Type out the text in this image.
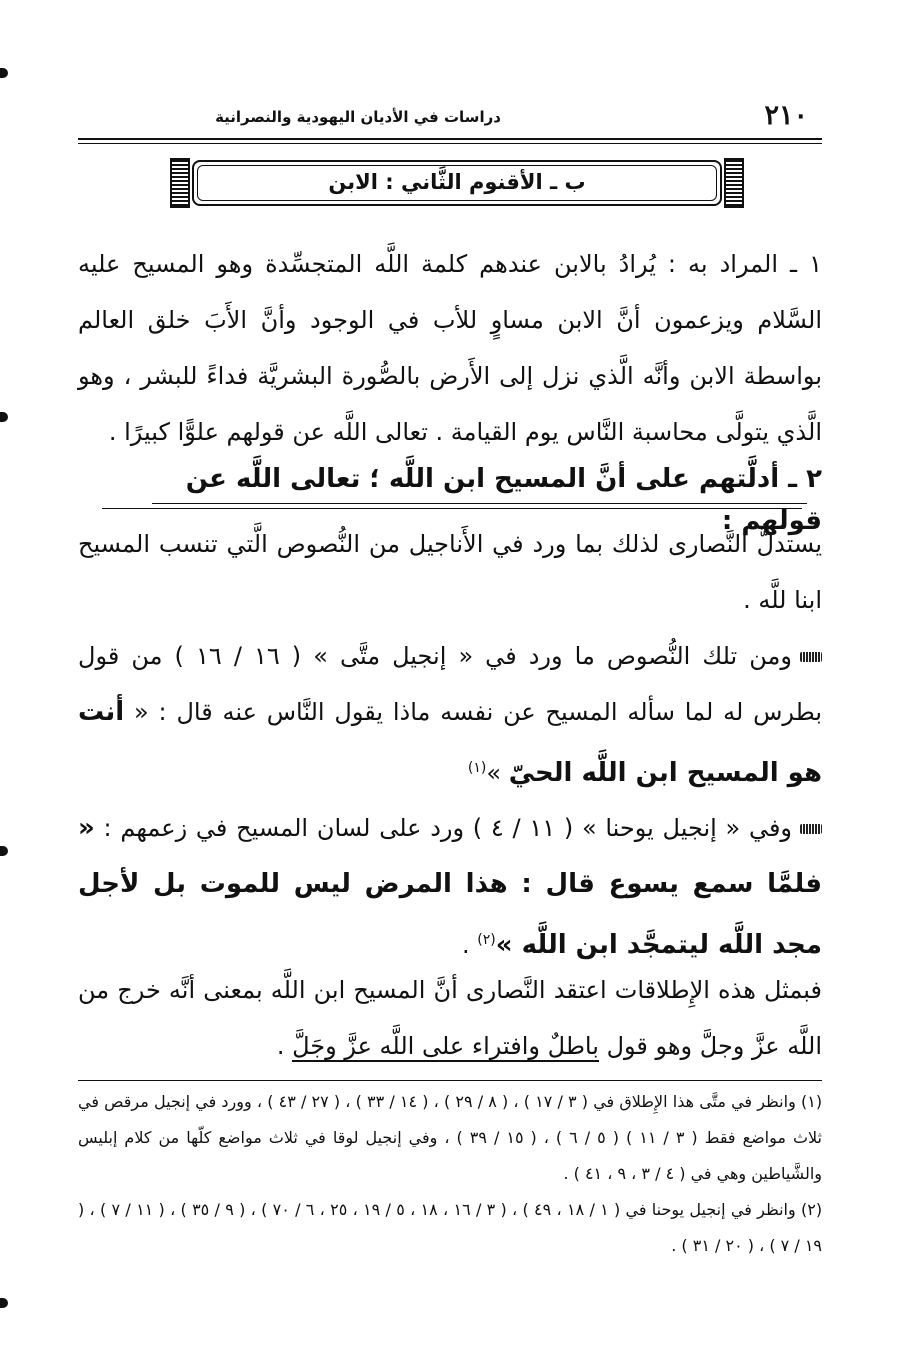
٢١٠
دراسات في الأديان اليهودية والنصرانية
ب ـ الأقنوم الثَّاني : الابن
١ ـ المراد به : يُرادُ بالابن عندهم كلمة اللَّه المتجسِّدة وهو المسيح عليه السَّلام ويزعمون أنَّ الابن مساوٍ للأب في الوجود وأنَّ الأَبَ خلق العالم بواسطة الابن وأنَّه الَّذي نزل إلى الأَرض بالصُّورة البشريَّة فداءً للبشر ، وهو الَّذي يتولَّى محاسبة النَّاس يوم القيامة . تعالى اللَّه عن قولهم علوًّا كبيرًا .
٢ ـ أدلَّتهم على أنَّ المسيح ابن اللَّه ؛ تعالى اللَّه عن قولهم :
يستدلُّ النَّصارى لذلك بما ورد في الأَناجيل من النُّصوص الَّتي تنسب المسيح ابنا للَّه .
ومن تلك النُّصوص ما ورد في « إنجيل متَّى » ( ١٦ / ١٦ ) من قول بطرس له لما سأله المسيح عن نفسه ماذا يقول النَّاس عنه قال : « أنت هو المسيح ابن اللَّه الحيّ »$^{(١)}$
وفي « إنجيل يوحنا » ( ١١ / ٤ ) ورد على لسان المسيح في زعمهم : « فلمَّا سمع يسوع قال : هذا المرض ليس للموت بل لأجل مجد اللَّه ليتمجَّد ابن اللَّه »$^{(٢)}$ .
فبمثل هذه الإِطلاقات اعتقد النَّصارى أنَّ المسيح ابن اللَّه بمعنى أنَّه خرج من اللَّه عزَّ وجلَّ وهو قول باطلٌ وافتراء على اللَّه عزَّ وجَلَّ .

(١) وانظر في متَّى هذا الإِطلاق في ( ٣ / ١٧ ) ، ( ٨ / ٢٩ ) ، ( ١٤ / ٣٣ ) ، ( ٢٧ / ٤٣ ) ، وورد في إنجيل مرقص في ثلاث مواضع فقط ( ٣ / ١١ ) ( ٥ / ٦ ) ، ( ١٥ / ٣٩ ) ، وفي إنجيل لوقا في ثلاث مواضع كلّها من كلام إبليس والشَّياطين وهي في ( ٤ / ٣ ، ٩ ، ٤١ ) .

(٢) وانظر في إنجيل يوحنا في ( ١ / ١٨ ، ٤٩ ) ، ( ٣ / ١٦ ، ١٨ ، ٥ / ١٩ ، ٢٥ ، ٦ / ٧٠ ) ، ( ٩ / ٣٥ ) ، ( ١١ / ٧ ) ، ( ١٩ / ٧ ) ، ( ٢٠ / ٣١ ) .
